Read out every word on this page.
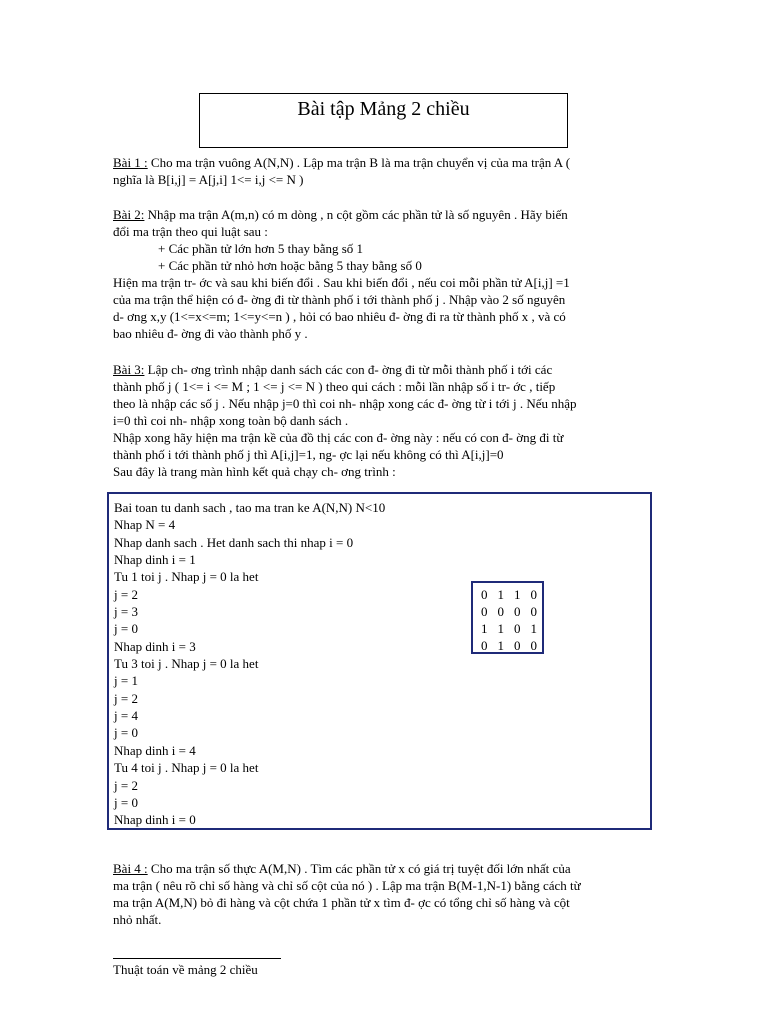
Bài tập Mảng 2 chiều
Bài 1 : Cho ma trận vuông A(N,N) . Lập ma trận B là ma trận chuyển vị của ma trận A (
nghĩa là B[i,j] = A[j,i] 1<= i,j <= N )
Bài 2: Nhập ma trận A(m,n) có m dòng , n cột gồm các phần tử là số nguyên . Hãy biến
đổi ma trận theo qui luật sau :
+ Các phần tử lớn hơn 5 thay bằng số 1
+ Các phần tử nhỏ hơn hoặc bằng 5 thay bằng số 0
Hiện ma trận tr- ớc và sau khi biến đổi . Sau khi biến đổi , nếu coi mỗi phần tử A[i,j] =1
của ma trận thể hiện có đ- ờng đi từ thành phố i tới thành phố j . Nhập vào 2 số nguyên
d- ơng x,y (1<=x<=m; 1<=y<=n ) , hỏi có bao nhiêu đ- ờng đi ra từ thành phố x , và có
bao nhiêu đ- ờng đi vào thành phố y .
Bài 3: Lập ch- ơng trình nhập danh sách các con đ- ờng đi từ mỗi thành phố i tới các
thành phố j ( 1<= i <= M ; 1 <= j <= N ) theo qui cách : mỗi lần nhập số i tr- ớc , tiếp
theo là nhập các số j . Nếu nhập j=0 thì coi nh- nhập xong các đ- ờng từ i tới j . Nếu nhập
i=0 thì coi nh- nhập xong toàn bộ danh sách .
Nhập xong hãy hiện ma trận kề của đồ thị các con đ- ờng này : nếu có con đ- ờng đi từ
thành phố i tới thành phố j thì A[i,j]=1, ng- ợc lại nếu không có thì A[i,j]=0
Sau đây là trang màn hình kết quả chạy ch- ơng trình :
Bai toan tu danh sach , tao ma tran ke A(N,N) N<10
Nhap N = 4
Nhap danh sach . Het danh sach thi nhap i = 0
Nhap dinh i = 1
Tu 1 toi j . Nhap j = 0 la het
j = 2
j = 3
j = 0
Nhap dinh i = 3
Tu 3 toi j . Nhap j = 0 la het
j = 1
j = 2
j = 4
j = 0
Nhap dinh i = 4
Tu 4 toi j . Nhap j = 0 la het
j = 2
j = 0
Nhap dinh i = 0
0 1 1 0
0 0 0 0
1 1 0 1
0 1 0 0
Bài 4 : Cho ma trận số thực A(M,N) . Tìm các phần tử x có giá trị tuyệt đối lớn nhất của
ma trận ( nêu rõ chỉ số hàng và chỉ số cột của nó ) . Lập ma trận B(M-1,N-1) bằng cách từ
ma trận A(M,N) bỏ đi hàng và cột chứa 1 phần tử x tìm đ- ợc có tổng chỉ số hàng và cột
nhỏ nhất.
Thuật toán về mảng 2 chiều
